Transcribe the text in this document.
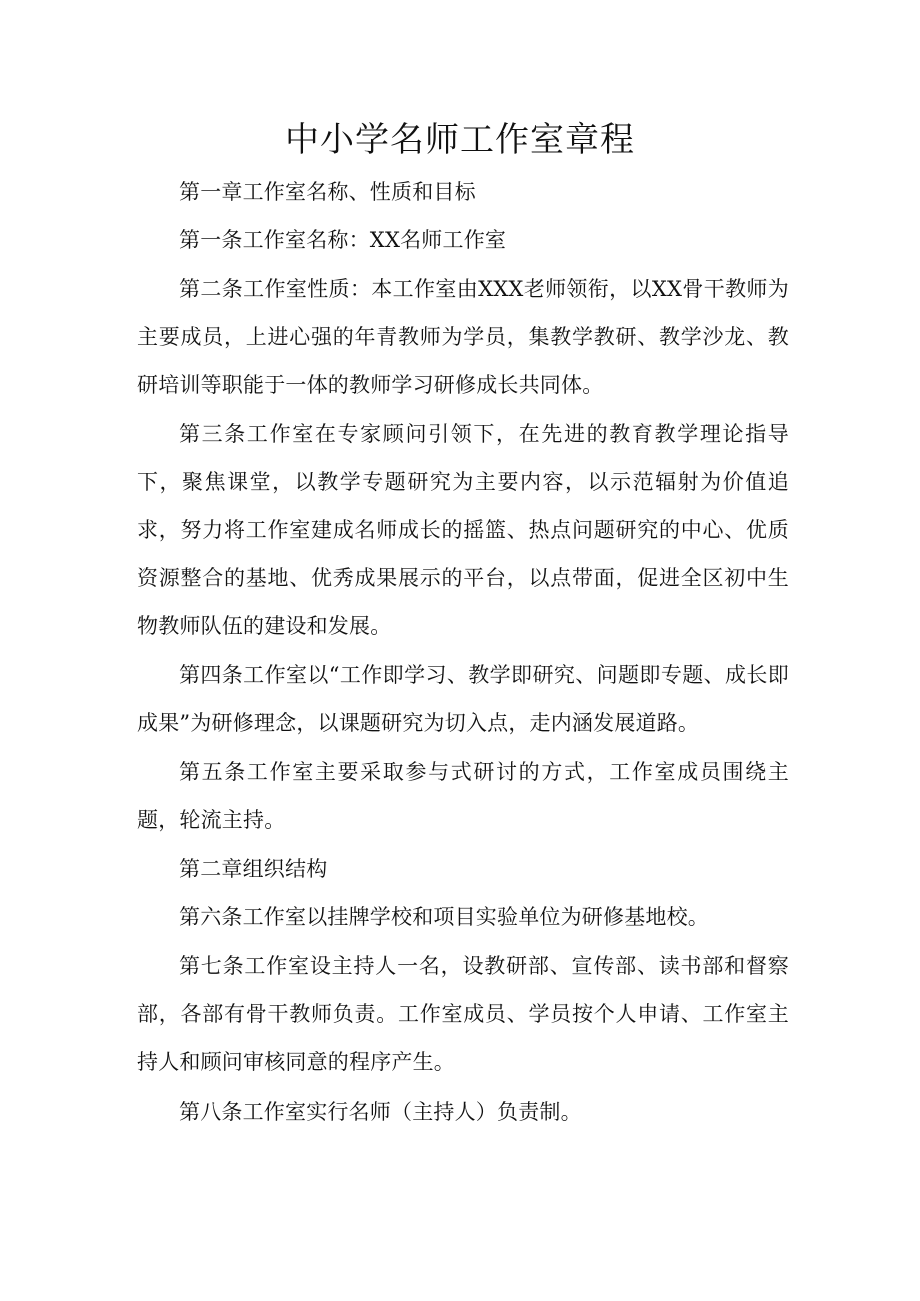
中小学名师工作室章程

第一章工作室名称、性质和目标

第一条工作室名称：XX名师工作室

第二条工作室性质：本工作室由XXX老师领衔，以XX骨干教师为主要成员，上进心强的年青教师为学员，集教学教研、教学沙龙、教研培训等职能于一体的教师学习研修成长共同体。

第三条工作室在专家顾问引领下，在先进的教育教学理论指导下，聚焦课堂，以教学专题研究为主要内容，以示范辐射为价值追求，努力将工作室建成名师成长的摇篮、热点问题研究的中心、优质资源整合的基地、优秀成果展示的平台，以点带面，促进全区初中生物教师队伍的建设和发展。

第四条工作室以“工作即学习、教学即研究、问题即专题、成长即成果”为研修理念，以课题研究为切入点，走内涵发展道路。

第五条工作室主要采取参与式研讨的方式，工作室成员围绕主题，轮流主持。

第二章组织结构

第六条工作室以挂牌学校和项目实验单位为研修基地校。

第七条工作室设主持人一名，设教研部、宣传部、读书部和督察部，各部有骨干教师负责。工作室成员、学员按个人申请、工作室主持人和顾问审核同意的程序产生。

第八条工作室实行名师（主持人）负责制。
